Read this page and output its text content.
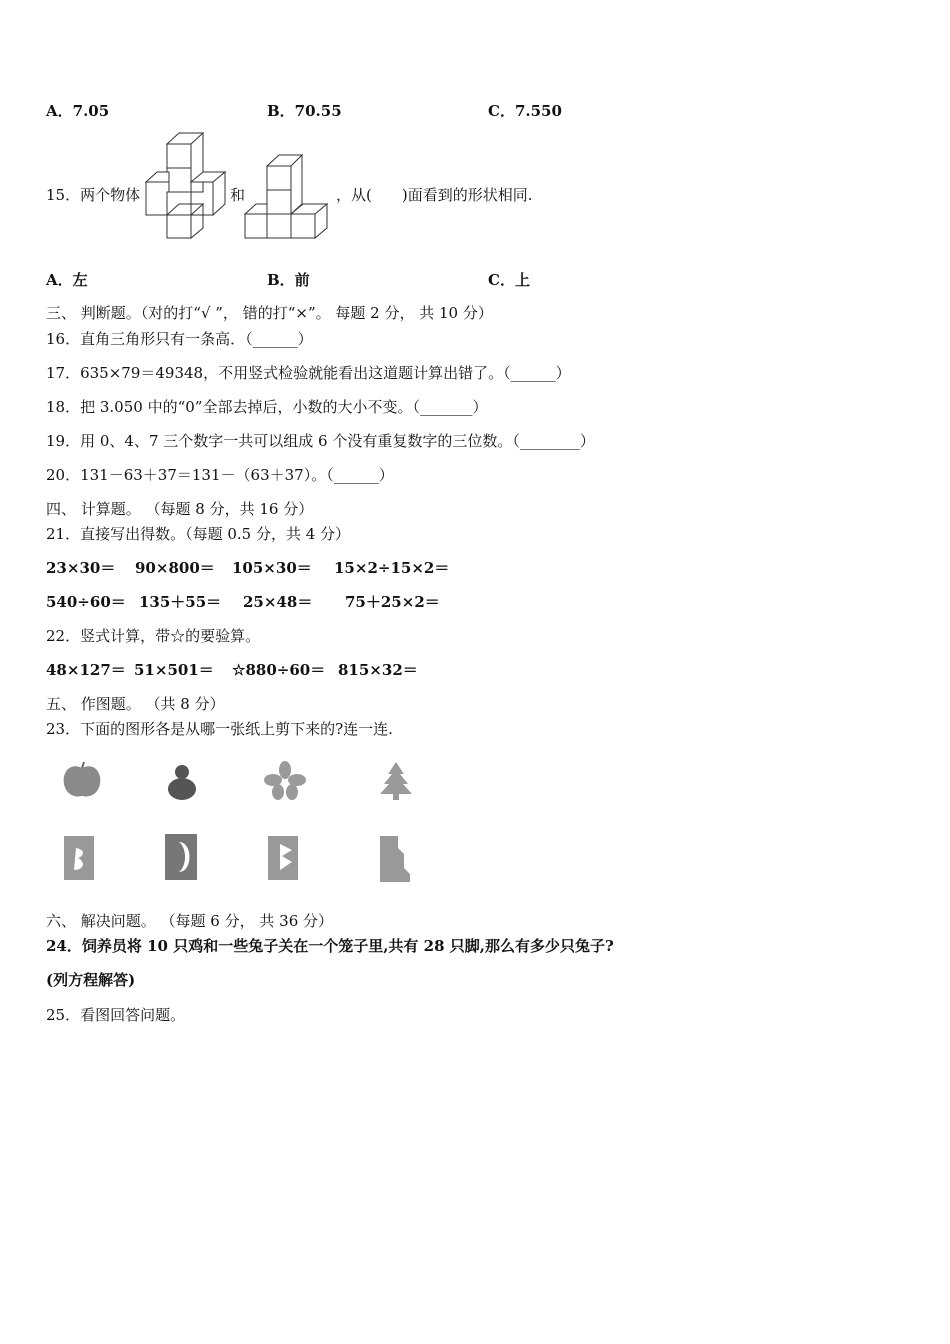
A．7.05	B．70.55	C．7.550
15．两个物体	和	，从(　　)面看到的形状相同.
A．左	B．前	C．上
三、 判断题。（对的打“√ ”， 错的打“×”。 每题 2 分， 共 10 分）
16．直角三角形只有一条高．（______）
17．635×79＝49348，不用竖式检验就能看出这道题计算出错了。（______）
18．把 3.050 中的“0”全部去掉后，小数的大小不变。（_______）
19．用 0、4、7 三个数字一共可以组成 6 个没有重复数字的三位数。（________）
20．131－63＋37＝131－（63＋37）。（______）
四、 计算题。 （每题 8 分，共 16 分）
21．直接写出得数。（每题 0.5 分，共 4 分）
23×30＝ 90×800＝ 105×30＝ 15×2÷15×2＝
540÷60＝ 135＋55＝ 25×48＝ 75＋25×2＝
22．竖式计算，带☆的要验算。
48×127＝ 51×501＝ ☆880÷60＝ 815×32＝
五、 作图题。 （共 8 分）
23．下面的图形各是从哪一张纸上剪下来的?连一连.
六、 解决问题。 （每题 6 分， 共 36 分）
24．饲养员将 10 只鸡和一些兔子关在一个笼子里,共有 28 只脚,那么有多少只兔子?
(列方程解答)
25．看图回答问题。
